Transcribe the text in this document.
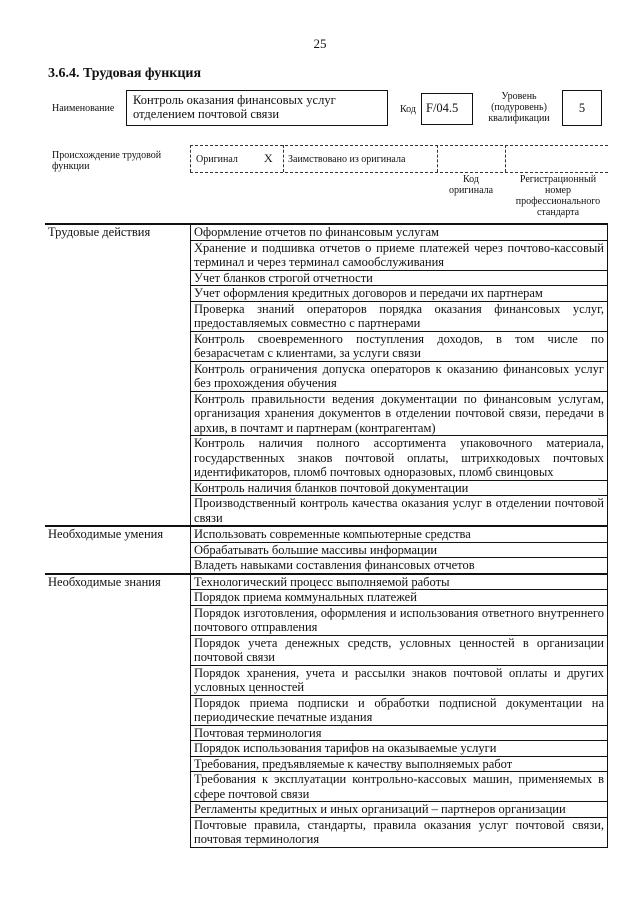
25
3.6.4. Трудовая функция
Наименование
Контроль оказания финансовых услуг отделением почтовой связи	Код F/04.5
Уровень (подуровень) квалификации
5
Происхождение трудовой функции
Оригинал X Заимствовано из оригинала
Код оригинала
Регистрационный номер профессионального стандарта
Трудовые действия	Оформление отчетов по финансовым услугам
	Хранение и подшивка отчетов о приеме платежей через почтово-кассовый терминал и через терминал самообслуживания
	Учет бланков строгой отчетности
	Учет оформления кредитных договоров и передачи их партнерам
	Проверка знаний операторов порядка оказания финансовых услуг, предоставляемых совместно с партнерами
	Контроль своевременного поступления доходов, в том числе по безарасчетам с клиентами, за услуги связи
	Контроль ограничения допуска операторов к оказанию финансовых услуг без прохождения обучения
	Контроль правильности ведения документации по финансовым услугам, организация хранения документов в отделении почтовой связи, передачи в архив, в почтамт и партнерам (контрагентам)
	Контроль наличия полного ассортимента упаковочного материала, государственных знаков почтовой оплаты, штрихкодовых почтовых идентификаторов, пломб почтовых одноразовых, пломб свинцовых
	Контроль наличия бланков почтовой документации
	Производственный контроль качества оказания услуг в отделении почтовой связи
Необходимые умения	Использовать современные компьютерные средства
	Обрабатывать большие массивы информации
	Владеть навыками составления финансовых отчетов
Необходимые знания	Технологический процесс выполняемой работы
	Порядок приема коммунальных платежей
	Порядок изготовления, оформления и использования ответного внутреннего почтового отправления
	Порядок учета денежных средств, условных ценностей в организации почтовой связи
	Порядок хранения, учета и рассылки знаков почтовой оплаты и других условных ценностей
	Порядок приема подписки и обработки подписной документации на периодические печатные издания
	Почтовая терминология
	Порядок использования тарифов на оказываемые услуги
	Требования, предъявляемые к качеству выполняемых работ
	Требования к эксплуатации контрольно-кассовых машин, применяемых в сфере почтовой связи
	Регламенты кредитных и иных организаций – партнеров организации
	Почтовые правила, стандарты, правила оказания услуг почтовой связи, почтовая терминология
